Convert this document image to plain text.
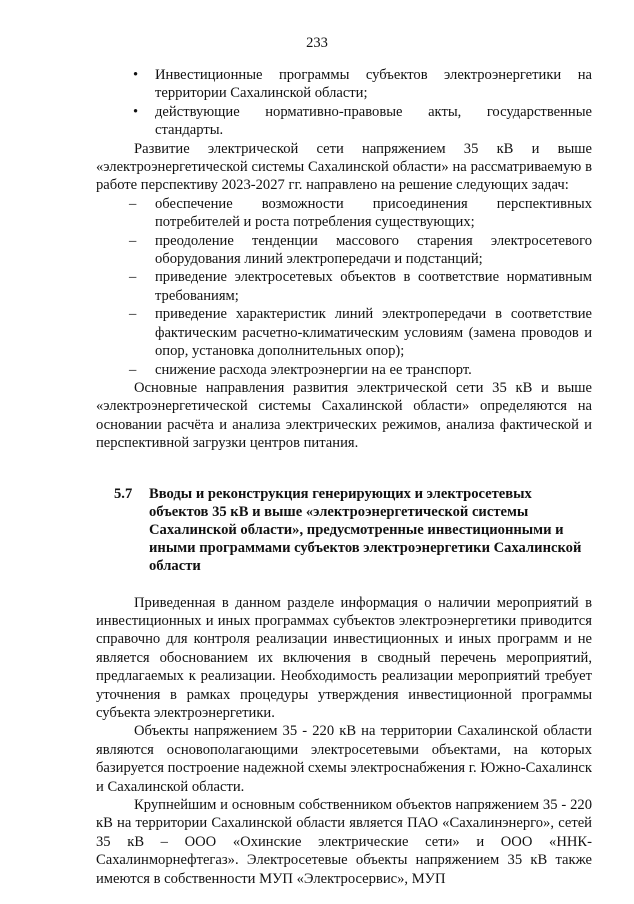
233
• Инвестиционные программы субъектов электроэнергетики на территории Сахалинской области;
• действующие нормативно-правовые акты, государственные стандарты.

Развитие электрической сети напряжением 35 кВ и выше «электроэнергетической системы Сахалинской области» на рассматриваемую в работе перспективу 2023-2027 гг. направлено на решение следующих задач:

– обеспечение возможности присоединения перспективных потребителей и роста потребления существующих;
– преодоление тенденции массового старения электросетевого оборудования линий электропередачи и подстанций;
– приведение электросетевых объектов в соответствие нормативным требованиям;
– приведение характеристик линий электропередачи в соответствие фактическим расчетно-климатическим условиям (замена проводов и опор, установка дополнительных опор);
– снижение расхода электроэнергии на ее транспорт.

Основные направления развития электрической сети 35 кВ и выше «электроэнергетической системы Сахалинской области» определяются на основании расчёта и анализа электрических режимов, анализа фактической и перспективной загрузки центров питания.

5.7 Вводы и реконструкция генерирующих и электросетевых объектов 35 кВ и выше «электроэнергетической системы Сахалинской области», предусмотренные инвестиционными и иными программами субъектов электроэнергетики Сахалинской области

Приведенная в данном разделе информация о наличии мероприятий в инвестиционных и иных программах субъектов электроэнергетики приводится справочно для контроля реализации инвестиционных и иных программ и не является обоснованием их включения в сводный перечень мероприятий, предлагаемых к реализации. Необходимость реализации мероприятий требует уточнения в рамках процедуры утверждения инвестиционной программы субъекта электроэнергетики.

Объекты напряжением 35 - 220 кВ на территории Сахалинской области являются основополагающими электросетевыми объектами, на которых базируется построение надежной схемы электроснабжения г. Южно-Сахалинск и Сахалинской области.

Крупнейшим и основным собственником объектов напряжением 35 - 220 кВ на территории Сахалинской области является ПАО «Сахалинэнерго», сетей 35 кВ – ООО «Охинские электрические сети» и ООО «ННК-Сахалинморнефтегаз». Электросетевые объекты напряжением 35 кВ также имеются в собственности МУП «Электросервис», МУП
